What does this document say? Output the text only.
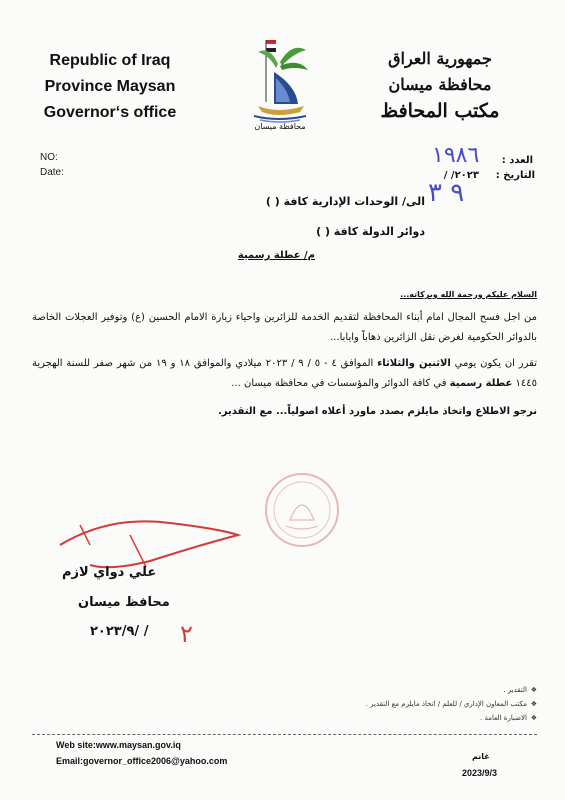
Republic of Iraq
Province Maysan
Governor‘s office
محافظة ميسان
جمهورية العراق
محافظة ميسان
مكتب المحافظ
NO:
Date:
العدد :
التاريخ :
/ /٢٠٢٣
١٩٨٦
٩ ٣
الى/ الوحدات الإدارية كافة ( )
دوائر الدولة كافة ( )
م/ عطلة رسمية
السلام عليكم ورحمة الله وبركاته...
من اجل فسح المجال امام أبناء المحافظة لتقديم الخدمة للزائرين واحياء زيارة الامام الحسين (ع) وتوفير العجلات الخاصة بالدوائر الحكومية لغرض نقل الزائرين ذهاباً وايابا...
تقرر ان يكون يومي الاثنين والثلاثاء الموافق ٤ - ٥ / ٩ / ٢٠٢٣ ميلادي والموافق ١٨ و ١٩ من شهر صفر للسنة الهجرية ١٤٤٥ عطلة رسمية في كافة الدوائر والمؤسسات في محافظة ميسان ...
نرجو الاطلاع واتخاذ مايلزم بصدد ماورد أعلاه اصولياً... مع التقدير.
علي دواي لازم
محافظ ميسان
٢٠٢٣/٩/ / ٢
❖ التقدير .
❖ مكتب المعاون الإداري / للعلم / اتخاذ مايلزم مع التقدير .
❖ الاضبارة العامة .
Web site:www.maysan.gov.iq
Email:governor_office2006@yahoo.com	غانم
2023/9/3
